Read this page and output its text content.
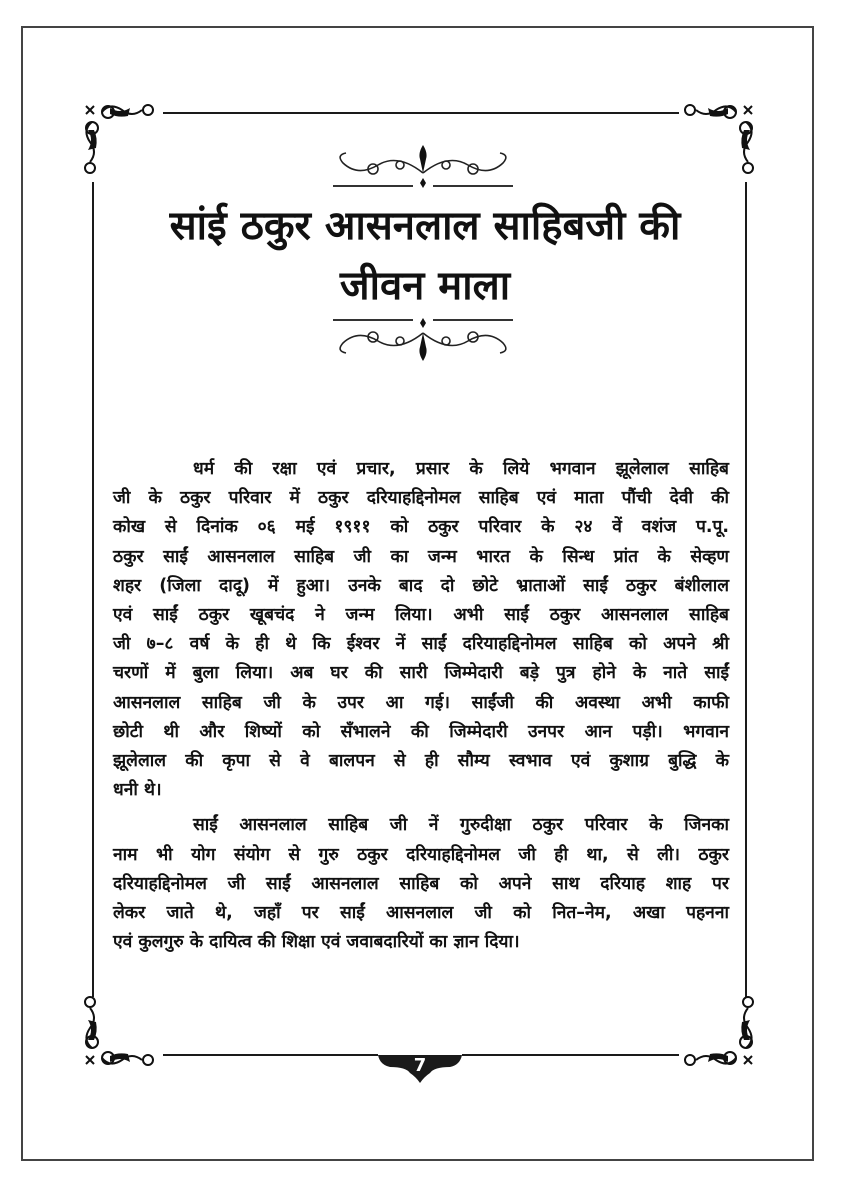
सांई ठकुर आसनलाल साहिबजी की
जीवन माला
धर्म की रक्षा एवं प्रचार, प्रसार के लिये भगवान झूलेलाल साहिब
जी के ठकुर परिवार में ठकुर दरियाहद्दिनोमल साहिब एवं माता पौंची देवी की
कोख से दिनांक ०६ मई १९११ को ठकुर परिवार के २४ वें वशंज प.पू.
ठकुर साईं आसनलाल साहिब जी का जन्म भारत के सिन्ध प्रांत के सेव्हण
शहर (जिला दादू) में हुआ। उनके बाद दो छोटे भ्राताओं साईं ठकुर बंशीलाल
एवं साईं ठकुर खूबचंद ने जन्म लिया। अभी साईं ठकुर आसनलाल साहिब
जी ७–८ वर्ष के ही थे कि ईश्वर नें साईं दरियाहद्दिनोमल साहिब को अपने श्री
चरणों में बुला लिया। अब घर की सारी जिम्मेदारी बड़े पुत्र होने के नाते साईं
आसनलाल साहिब जी के उपर आ गई। साईंजी की अवस्था अभी काफी
छोटी थी और शिष्यों को सँभालने की जिम्मेदारी उनपर आन पड़ी। भगवान
झूलेलाल की कृपा से वे बालपन से ही सौम्य स्वभाव एवं कुशाग्र बुद्धि के
धनी थे।
साईं आसनलाल साहिब जी नें गुरुदीक्षा ठकुर परिवार के जिनका
नाम भी योग संयोग से गुरु ठकुर दरियाहद्दिनोमल जी ही था, से ली। ठकुर
दरियाहद्दिनोमल जी साईं आसनलाल साहिब को अपने साथ दरियाह शाह पर
लेकर जाते थे, जहाँ पर साईं आसनलाल जी को नित–नेम, अखा पहनना
एवं कुलगुरु के दायित्व की शिक्षा एवं जवाबदारियों का ज्ञान दिया।
7
